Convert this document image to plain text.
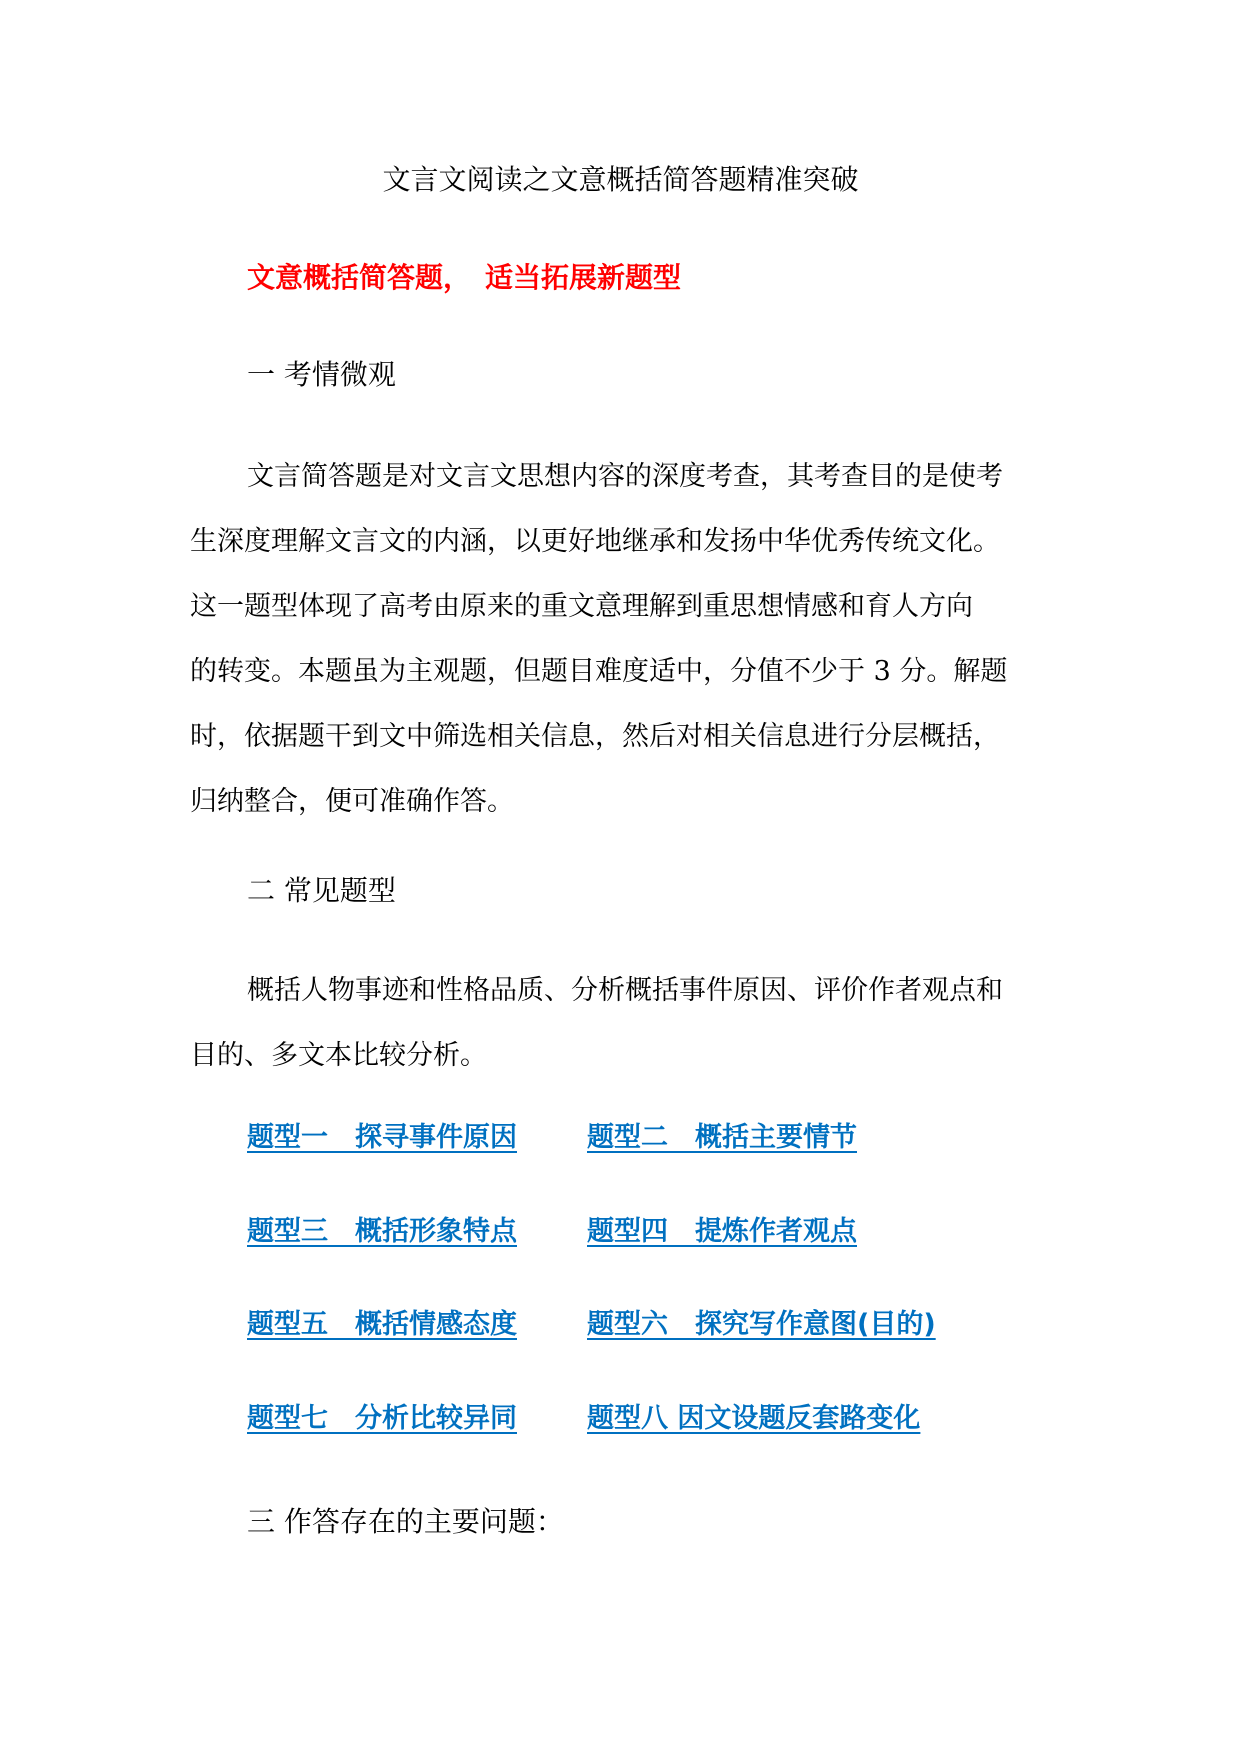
文言文阅读之文意概括简答题精准突破
文意概括简答题，　适当拓展新题型
一 考情微观
文言简答题是对文言文思想内容的深度考查，其考查目的是使考
生深度理解文言文的内涵，以更好地继承和发扬中华优秀传统文化。
这一题型体现了高考由原来的重文意理解到重思想情感和育人方向
的转变。本题虽为主观题，但题目难度适中，分值不少于 3 分。解题
时，依据题干到文中筛选相关信息，然后对相关信息进行分层概括，
归纳整合，便可准确作答。
二 常见题型
概括人物事迹和性格品质、分析概括事件原因、评价作者观点和
目的、多文本比较分析。
题型一　探寻事件原因	题型二　概括主要情节
题型三　概括形象特点	题型四　提炼作者观点
题型五　概括情感态度	题型六　探究写作意图(目的)
题型七　分析比较异同	题型八 因文设题反套路变化
三 作答存在的主要问题：
